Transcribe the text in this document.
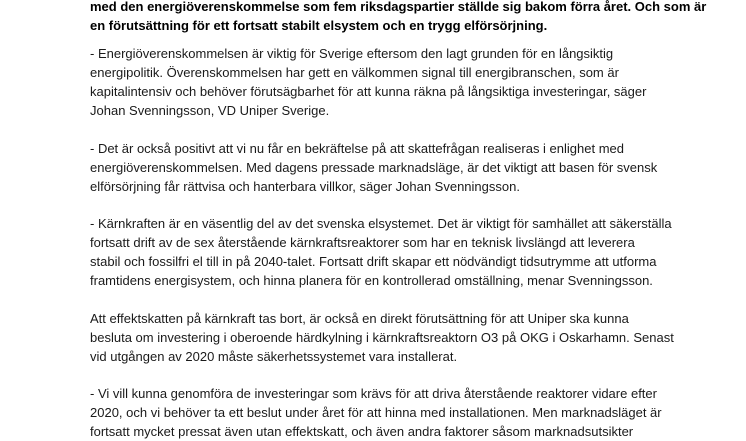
med den energiöverenskommelse som fem riksdagspartier ställde sig bakom förra året. Och som är
en förutsättning för ett fortsatt stabilt elsystem och en trygg elförsörjning.

- Energiöverenskommelsen är viktig för Sverige eftersom den lagt grunden för en långsiktig
energipolitik. Överenskommelsen har gett en välkommen signal till energibranschen, som är
kapitalintensiv och behöver förutsägbarhet för att kunna räkna på långsiktiga investeringar, säger
Johan Svenningsson, VD Uniper Sverige.

- Det är också positivt att vi nu får en bekräftelse på att skattefrågan realiseras i enlighet med
energiöverenskommelsen. Med dagens pressade marknadsläge, är det viktigt att basen för svensk
elförsörjning får rättvisa och hanterbara villkor, säger Johan Svenningsson.

- Kärnkraften är en väsentlig del av det svenska elsystemet. Det är viktigt för samhället att säkerställa
fortsatt drift av de sex återstående kärnkraftsreaktorer som har en teknisk livslängd att leverera
stabil och fossilfri el till in på 2040-talet. Fortsatt drift skapar ett nödvändigt tidsutrymme att utforma
framtidens energisystem, och hinna planera för en kontrollerad omställning, menar Svenningsson.

Att effektskatten på kärnkraft tas bort, är också en direkt förutsättning för att Uniper ska kunna
besluta om investering i oberoende härdkylning i kärnkraftsreaktorn O3 på OKG i Oskarhamn. Senast
vid utgången av 2020 måste säkerhetssystemet vara installerat.

- Vi vill kunna genomföra de investeringar som krävs för att driva återstående reaktorer vidare efter
2020, och vi behöver ta ett beslut under året för att hinna med installationen. Men marknadsläget är
fortsatt mycket pressat även utan effektskatt, och även andra faktorer såsom marknadsutsikter
